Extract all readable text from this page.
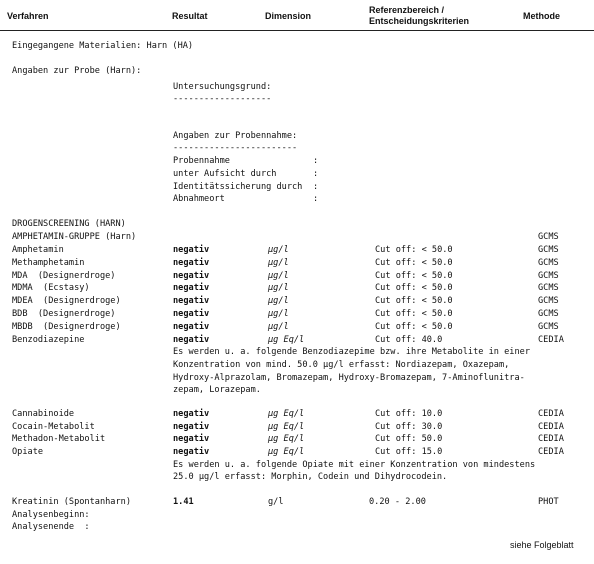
Verfahren	Resultat	Dimension
Referenzbereich /
Entscheidungskriterien	Methode
Eingegangene Materialien: Harn (HA)
Angaben zur Probe (Harn):
Untersuchungsgrund:
-------------------
Angaben zur Probennahme:
------------------------
Probennahme	:
unter Aufsicht durch	:
Identitätssicherung durch :
Abnahmeort	:
DROGENSCREENING (HARN)
AMPHETAMIN-GRUPPE (Harn)	GCMS
Amphetamin	negativ	µg/l	Cut off: < 50.0	GCMS
Methamphetamin	negativ	µg/l	Cut off: < 50.0	GCMS
MDA  (Designerdroge)	negativ	µg/l	Cut off: < 50.0	GCMS
MDMA  (Ecstasy)	negativ	µg/l	Cut off: < 50.0	GCMS
MDEA  (Designerdroge)	negativ	µg/l	Cut off: < 50.0	GCMS
BDB  (Designerdroge)	negativ	µg/l	Cut off: < 50.0	GCMS
MBDB  (Designerdroge)	negativ	µg/l	Cut off: < 50.0	GCMS
Benzodiazepine	negativ	µg Eq/l	Cut off: 40.0	CEDIA
Es werden u. a. folgende Benzodiazepime bzw. ihre Metabolite in einer
Konzentration von mind. 50.0 µg/l erfasst: Nordiazepam, Oxazepam,
Hydroxy-Alprazolam, Bromazepam, Hydroxy-Bromazepam, 7-Aminoflunitra-
zepam, Lorazepam.
Cannabinoide	negativ	µg Eq/l	Cut off: 10.0	CEDIA
Cocain-Metabolit	negativ	µg Eq/l	Cut off: 30.0	CEDIA
Methadon-Metabolit	negativ	µg Eq/l	Cut off: 50.0	CEDIA
Opiate	negativ	µg Eq/l	Cut off: 15.0	CEDIA
Es werden u. a. folgende Opiate mit einer Konzentration von mindestens
25.0 µg/l erfasst: Morphin, Codein und Dihydrocodein.
Kreatinin (Spontanharn)	1.41	g/l	0.20 - 2.00	PHOT
Analysenbeginn:
Analysenende  :
siehe Folgeblatt
